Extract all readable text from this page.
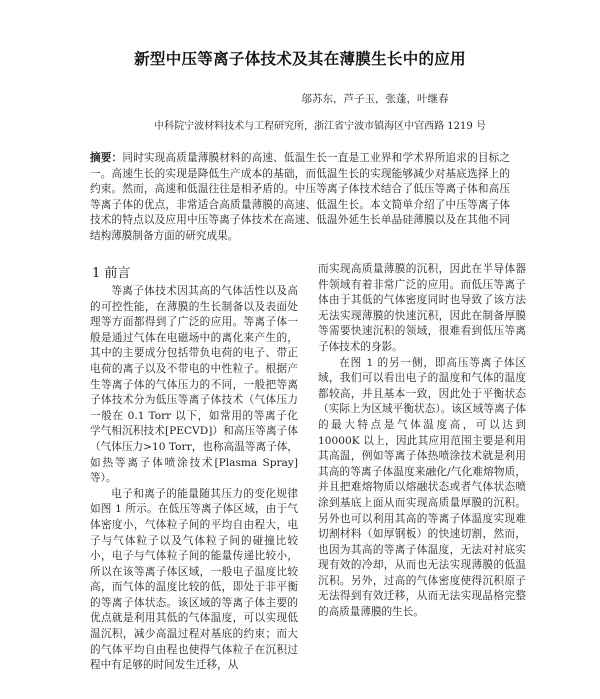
新型中压等离子体技术及其在薄膜生长中的应用
邬苏东，芦子玉，张蓬，叶继春
中科院宁波材料技术与工程研究所，浙江省宁波市镇海区中官西路 1219 号
摘要：同时实现高质量薄膜材料的高速、低温生长一直是工业界和学术界所追求的目标之一。高速生长的实现是降低生产成本的基础，而低温生长的实现能够减少对基底选择上的约束。然而，高速和低温往往是相矛盾的。中压等离子体技术结合了低压等离子体和高压等离子体的优点，非常适合高质量薄膜的高速、低温生长。本文简单介绍了中压等离子体技术的特点以及应用中压等离子体技术在高速、低温外延生长单晶硅薄膜以及在其他不同结构薄膜制备方面的研究成果。
1 前言

等离子体技术因其高的气体活性以及高的可控性能，在薄膜的生长制备以及表面处理等方面都得到了广泛的应用。等离子体一般是通过气体在电磁场中的离化来产生的，其中的主要成分包括带负电荷的电子、带正电荷的离子以及不带电的中性粒子。根据产生等离子体的气体压力的不同，一般把等离子体技术分为低压等离子体技术（气体压力一般在 0.1 Torr 以下，如常用的等离子化学气相沉积技术[PECVD]）和高压等离子体（气体压力>10 Torr，也称高温等离子体，如热等离子体喷涂技术[Plasma Spray]等）。

电子和离子的能量随其压力的变化规律如图 1 所示。在低压等离子体区域，由于气体密度小，气体粒子间的平均自由程大，电子与气体粒子以及气体粒子间的碰撞比较小，电子与气体粒子间的能量传递比较小，所以在该等离子体区域，一般电子温度比较高，而气体的温度比较的低，即处于非平衡的等离子体状态。该区域的等离子体主要的优点就是利用其低的气体温度，可以实现低温沉积，减少高温过程对基底的约束；而大的气体平均自由程也使得气体粒子在沉积过程中有足够的时间发生迁移，从

而实现高质量薄膜的沉积，因此在半导体器件领域有着非常广泛的应用。而低压等离子体由于其低的气体密度同时也导致了该方法无法实现薄膜的快速沉积，因此在制备厚膜等需要快速沉积的领域，很难看到低压等离子体技术的身影。

在图 1 的另一侧，即高压等离子体区域，我们可以看出电子的温度和气体的温度都较高，并且基本一致，因此处于平衡状态（实际上为区域平衡状态）。该区域等离子体的最大特点是气体温度高，可以达到 10000K 以上，因此其应用范围主要是利用其高温，例如等离子体热喷涂技术就是利用其高的等离子体温度来融化/气化难熔物质，并且把难熔物质以熔融状态或者气体状态喷涂到基底上面从而实现高质量厚膜的沉积。另外也可以利用其高的等离子体温度实现难切割材料（如厚钢板）的快速切割，然而，也因为其高的等离子体温度，无法对衬底实现有效的冷却，从而也无法实现薄膜的低温沉积。另外，过高的气体密度使得沉积原子无法得到有效迁移，从而无法实现晶格完整的高质量薄膜的生长。
